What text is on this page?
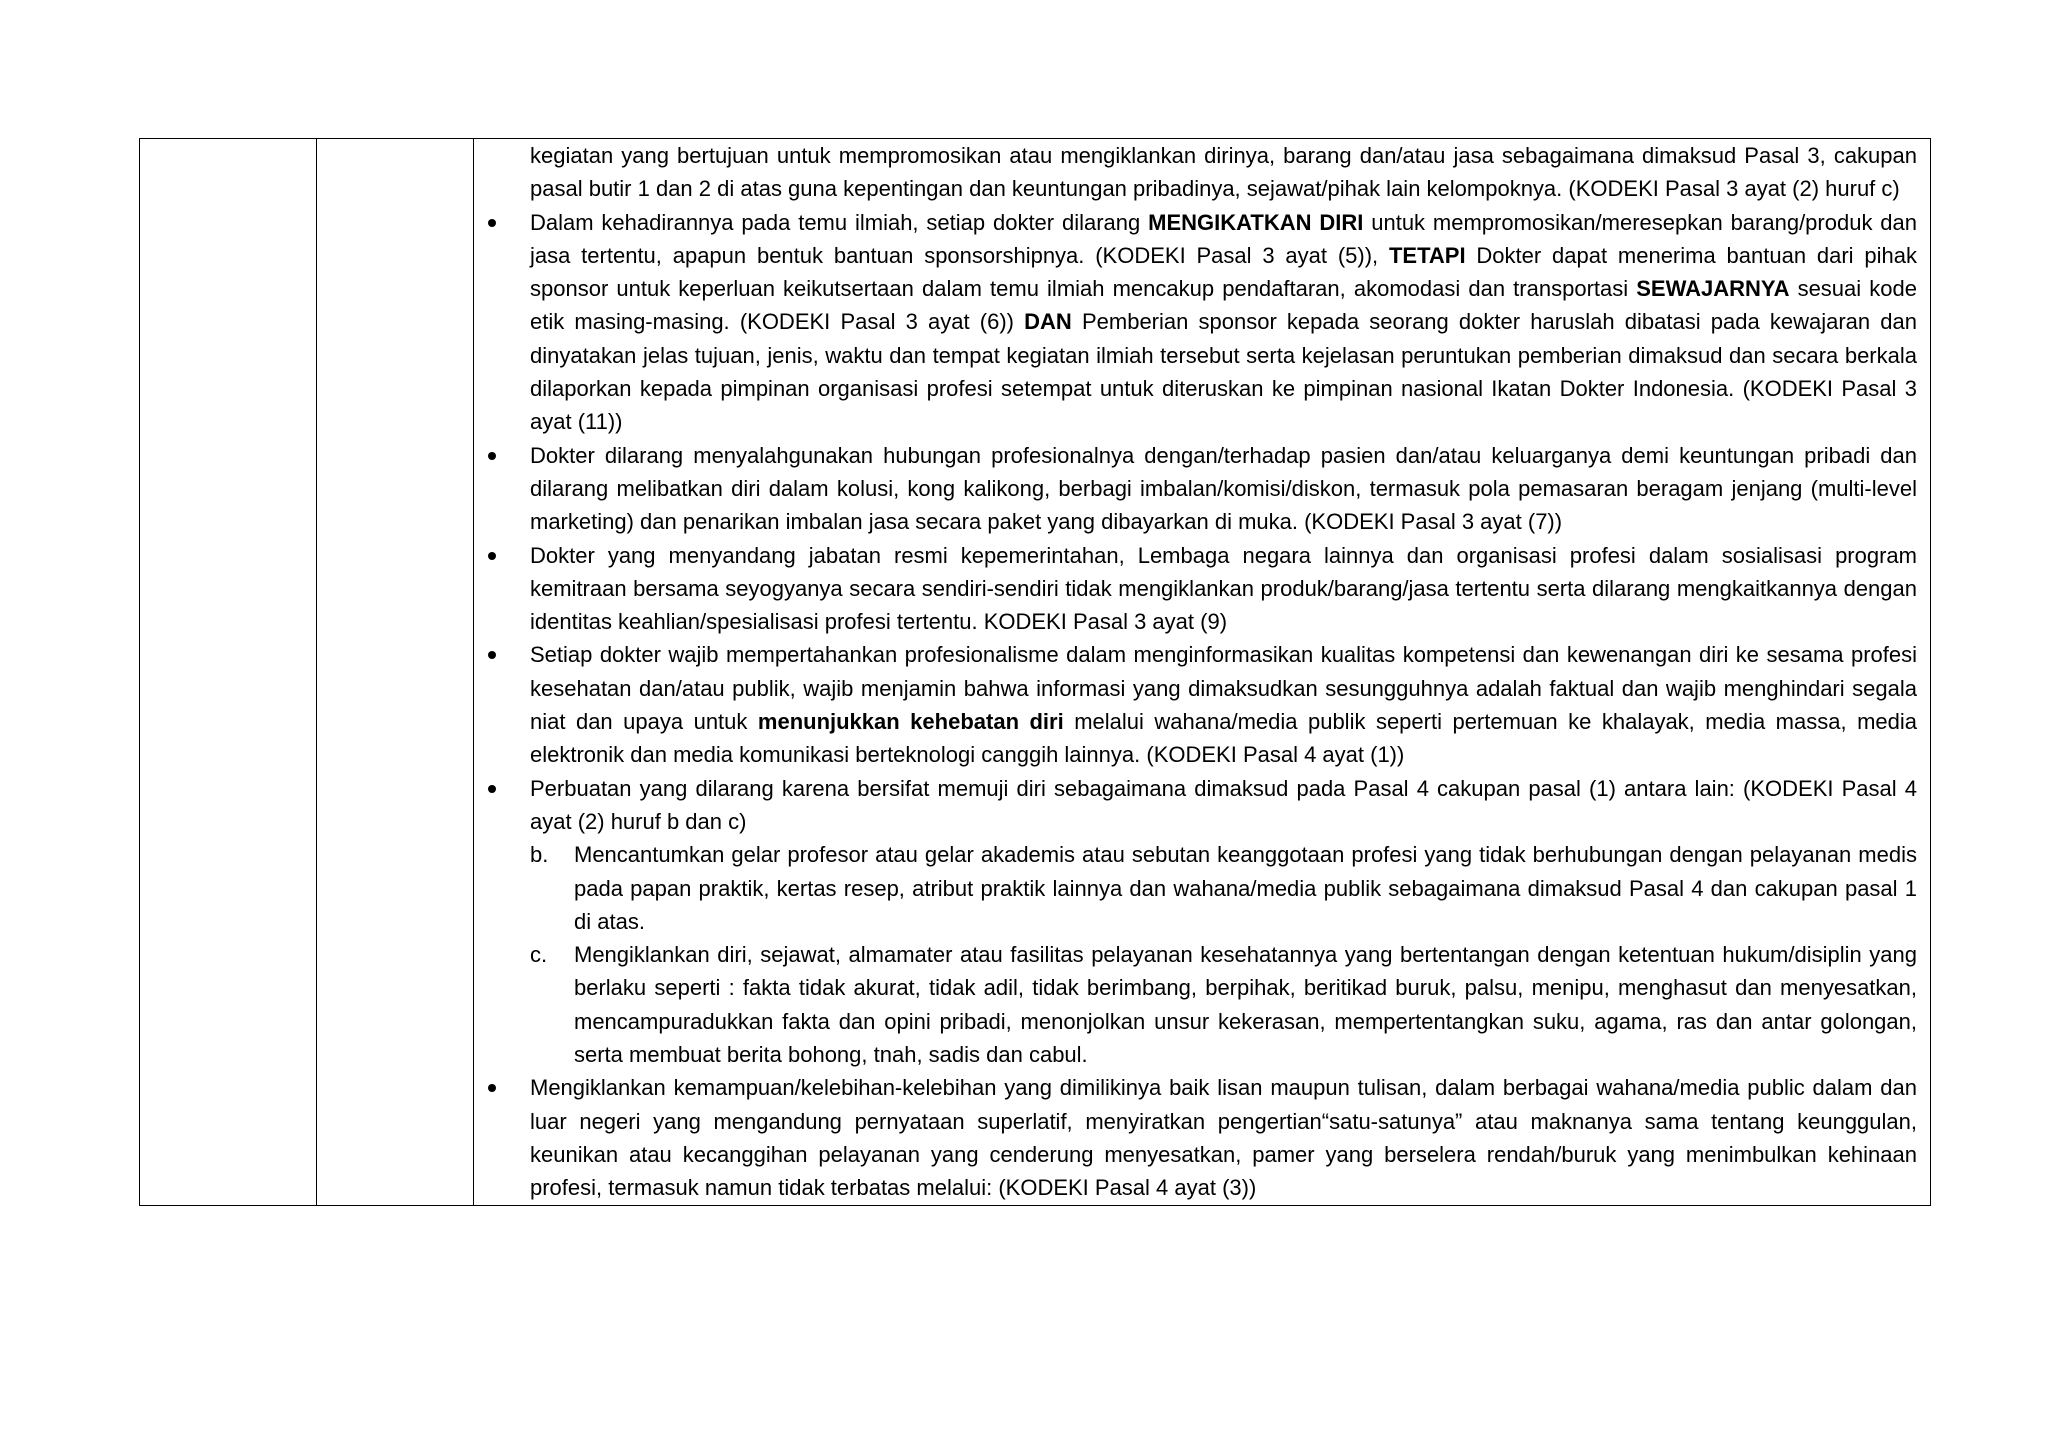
kegiatan yang bertujuan untuk mempromosikan atau mengiklankan dirinya, barang dan/atau jasa sebagaimana dimaksud Pasal 3, cakupan pasal butir 1 dan 2 di atas guna kepentingan dan keuntungan pribadinya, sejawat/pihak lain kelompoknya. (KODEKI Pasal 3 ayat (2) huruf c)
Dalam kehadirannya pada temu ilmiah, setiap dokter dilarang MENGIKATKAN DIRI untuk mempromosikan/meresepkan barang/produk dan jasa tertentu, apapun bentuk bantuan sponsorshipnya. (KODEKI Pasal 3 ayat (5)), TETAPI Dokter dapat menerima bantuan dari pihak sponsor untuk keperluan keikutsertaan dalam temu ilmiah mencakup pendaftaran, akomodasi dan transportasi SEWAJARNYA sesuai kode etik masing-masing. (KODEKI Pasal 3 ayat (6)) DAN Pemberian sponsor kepada seorang dokter haruslah dibatasi pada kewajaran dan dinyatakan jelas tujuan, jenis, waktu dan tempat kegiatan ilmiah tersebut serta kejelasan peruntukan pemberian dimaksud dan secara berkala dilaporkan kepada pimpinan organisasi profesi setempat untuk diteruskan ke pimpinan nasional Ikatan Dokter Indonesia. (KODEKI Pasal 3 ayat (11))
Dokter dilarang menyalahgunakan hubungan profesionalnya dengan/terhadap pasien dan/atau keluarganya demi keuntungan pribadi dan dilarang melibatkan diri dalam kolusi, kong kalikong, berbagi imbalan/komisi/diskon, termasuk pola pemasaran beragam jenjang (multi-level marketing) dan penarikan imbalan jasa secara paket yang dibayarkan di muka. (KODEKI Pasal 3 ayat (7))
Dokter yang menyandang jabatan resmi kepemerintahan, Lembaga negara lainnya dan organisasi profesi dalam sosialisasi program kemitraan bersama seyogyanya secara sendiri-sendiri tidak mengiklankan produk/barang/jasa tertentu serta dilarang mengkaitkannya dengan identitas keahlian/spesialisasi profesi tertentu. KODEKI Pasal 3 ayat (9)
Setiap dokter wajib mempertahankan profesionalisme dalam menginformasikan kualitas kompetensi dan kewenangan diri ke sesama profesi kesehatan dan/atau publik, wajib menjamin bahwa informasi yang dimaksudkan sesungguhnya adalah faktual dan wajib menghindari segala niat dan upaya untuk menunjukkan kehebatan diri melalui wahana/media publik seperti pertemuan ke khalayak, media massa, media elektronik dan media komunikasi berteknologi canggih lainnya. (KODEKI Pasal 4 ayat (1))
Perbuatan yang dilarang karena bersifat memuji diri sebagaimana dimaksud pada Pasal 4 cakupan pasal (1) antara lain: (KODEKI Pasal 4 ayat (2) huruf b dan c)
b.	Mencantumkan gelar profesor atau gelar akademis atau sebutan keanggotaan profesi yang tidak berhubungan dengan pelayanan medis pada papan praktik, kertas resep, atribut praktik lainnya dan wahana/media publik sebagaimana dimaksud Pasal 4 dan cakupan pasal 1 di atas.
c.	Mengiklankan diri, sejawat, almamater atau fasilitas pelayanan kesehatannya yang bertentangan dengan ketentuan hukum/disiplin yang berlaku seperti : fakta tidak akurat, tidak adil, tidak berimbang, berpihak, beritikad buruk, palsu, menipu, menghasut dan menyesatkan, mencampuradukkan fakta dan opini pribadi, menonjolkan unsur kekerasan, mempertentangkan suku, agama, ras dan antar golongan, serta membuat berita bohong, tnah, sadis dan cabul.
Mengiklankan kemampuan/kelebihan-kelebihan yang dimilikinya baik lisan maupun tulisan, dalam berbagai wahana/media public dalam dan luar negeri yang mengandung pernyataan superlatif, menyiratkan pengertian“satu-satunya” atau maknanya sama tentang keunggulan, keunikan atau kecanggihan pelayanan yang cenderung menyesatkan, pamer yang berselera rendah/buruk yang menimbulkan kehinaan profesi, termasuk namun tidak terbatas melalui: (KODEKI Pasal 4 ayat (3))
